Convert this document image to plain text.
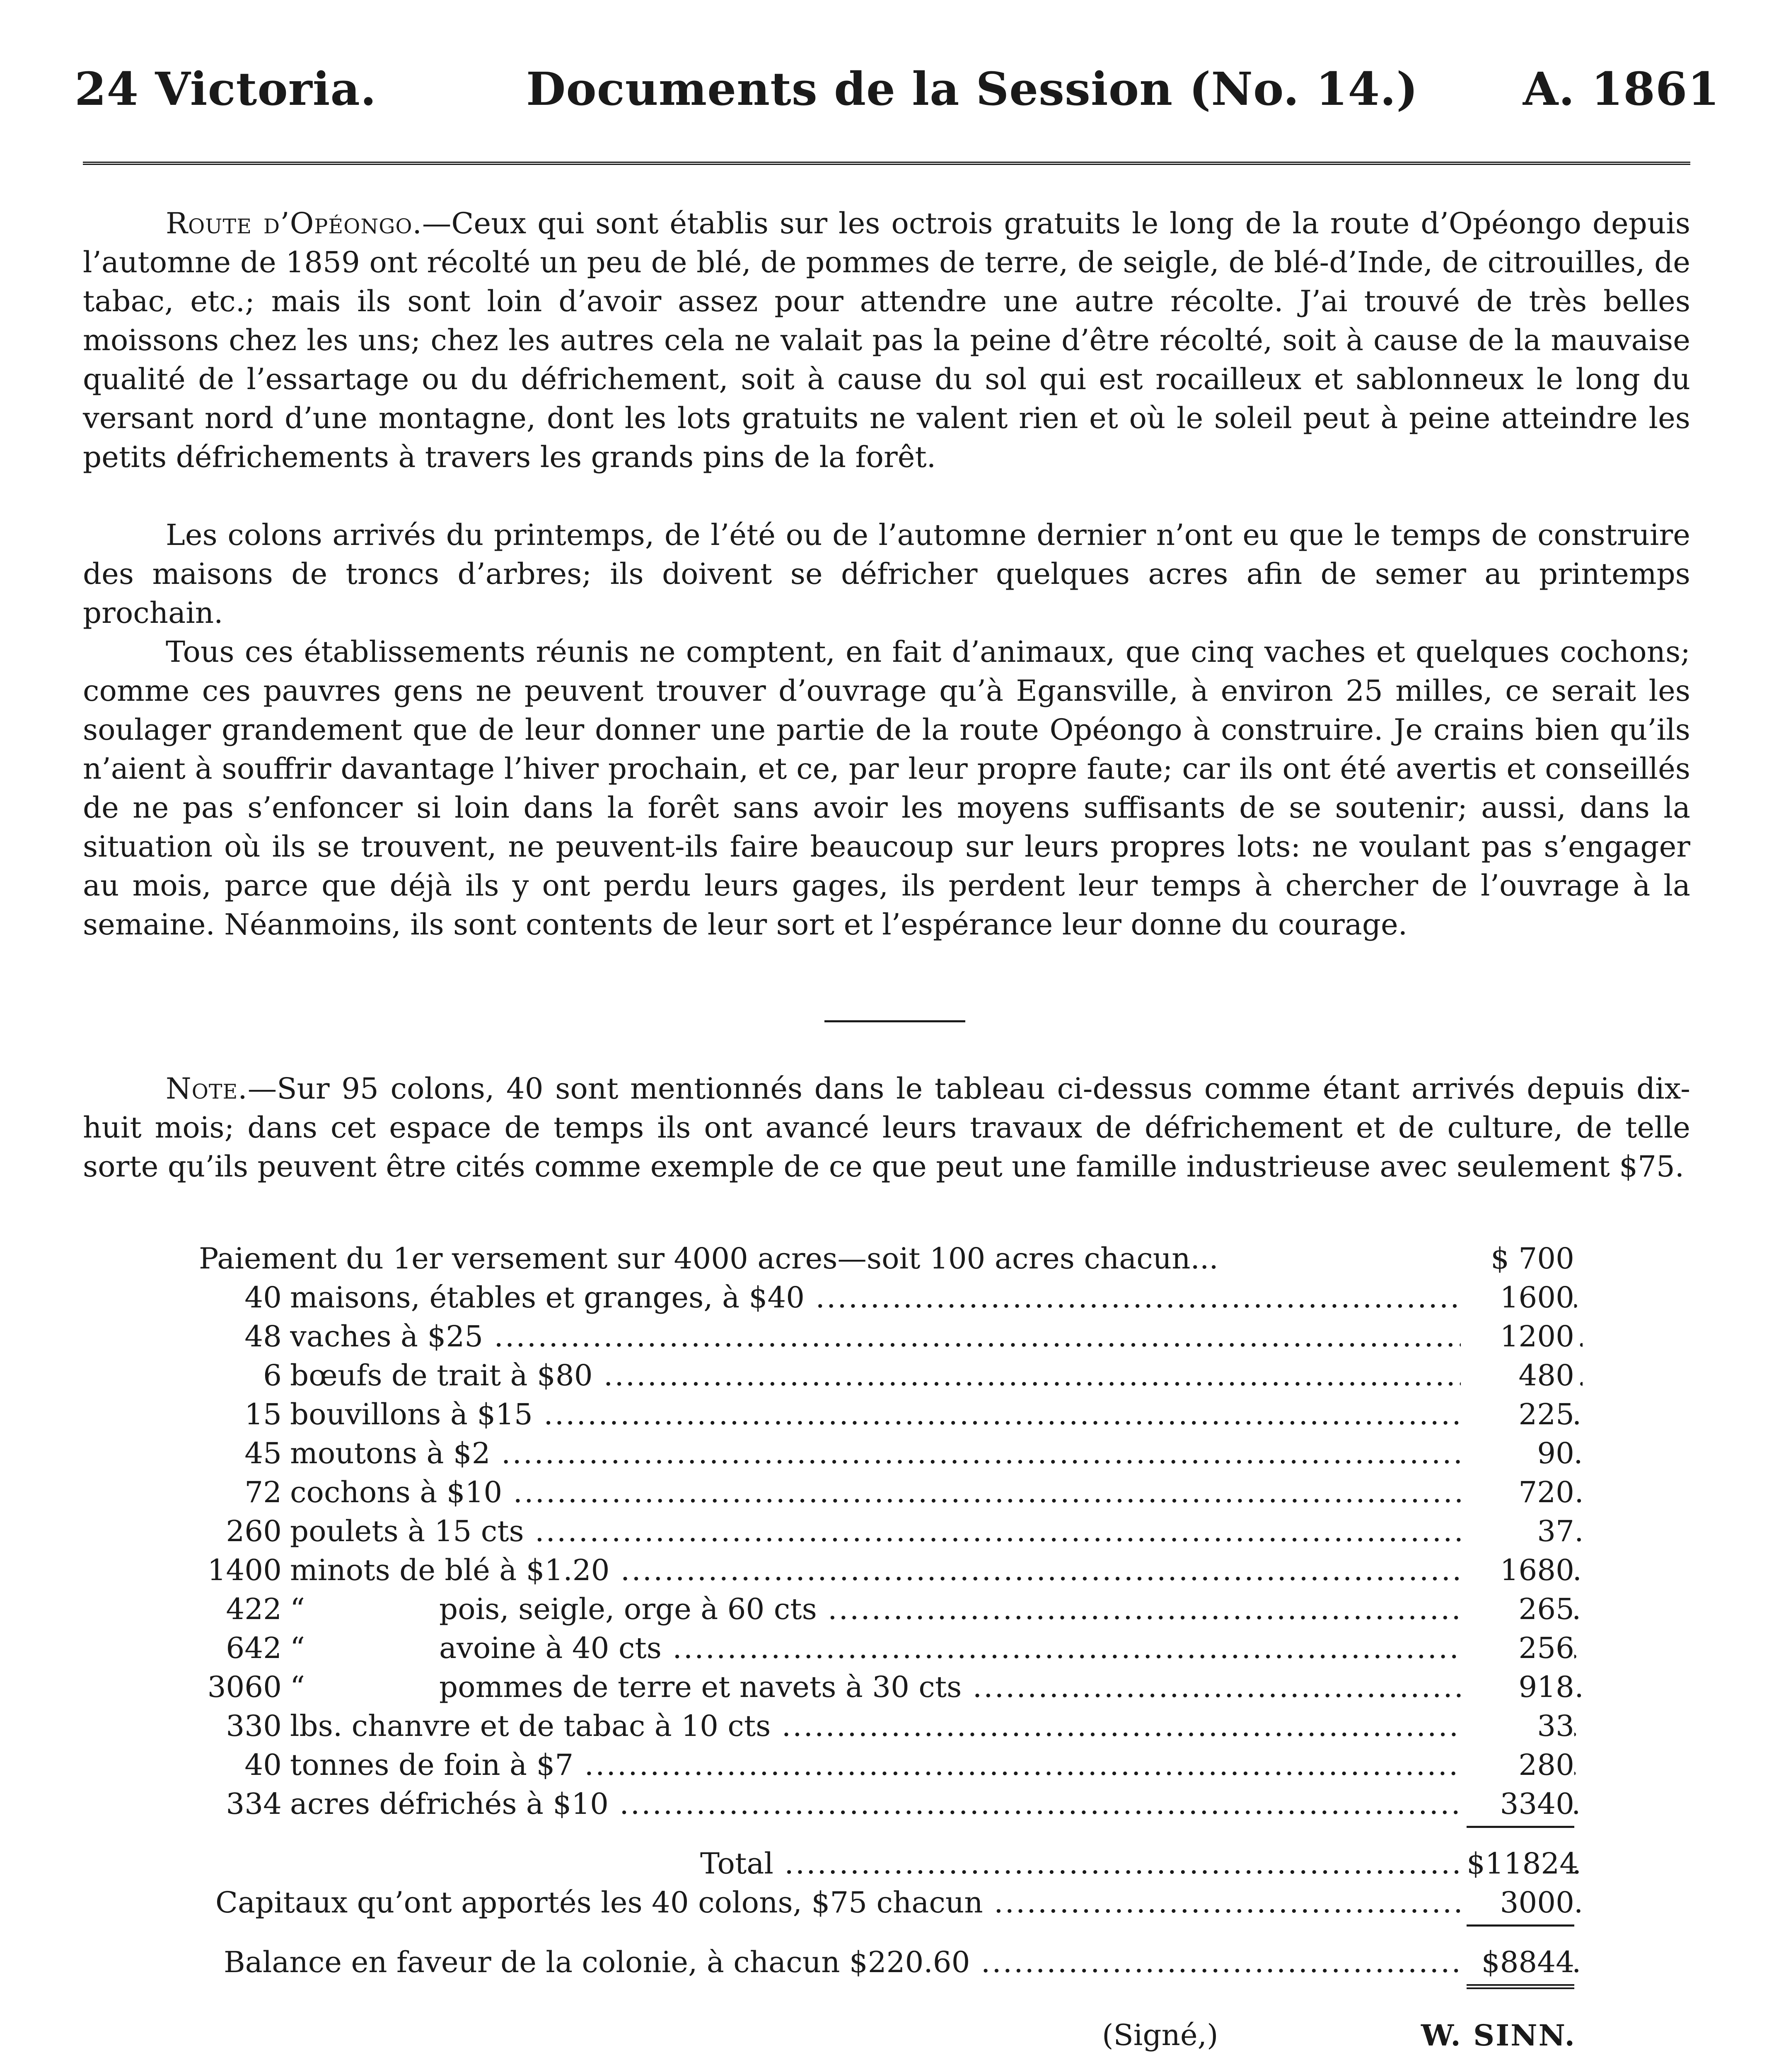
24 Victoria.	Documents de la Session (No. 14.) A. 1861
Route d’Opéongo.—Ceux qui sont établis sur les octrois gratuits le long de la route d’Opéongo depuis l’automne de 1859 ont récolté un peu de blé, de pommes de terre, de seigle, de blé-d’Inde, de citrouilles, de tabac, etc.; mais ils sont loin d’avoir assez pour attendre une autre récolte. J’ai trouvé de très belles moissons chez les uns; chez les autres cela ne valait pas la peine d’être récolté, soit à cause de la mauvaise qualité de l’essartage ou du défrichement, soit à cause du sol qui est rocailleux et sablonneux le long du versant nord d’une montagne, dont les lots gratuits ne valent rien et où le soleil peut à peine atteindre les petits défrichements à travers les grands pins de la forêt.
Les colons arrivés du printemps, de l’été ou de l’automne dernier n’ont eu que le temps de construire des maisons de troncs d’arbres; ils doivent se défricher quelques acres afin de semer au printemps prochain.
Tous ces établissements réunis ne comptent, en fait d’animaux, que cinq vaches et quelques cochons; comme ces pauvres gens ne peuvent trouver d’ouvrage qu’à Egansville, à environ 25 milles, ce serait les soulager grandement que de leur donner une partie de la route Opéongo à construire. Je crains bien qu’ils n’aient à souffrir davantage l’hiver prochain, et ce, par leur propre faute; car ils ont été avertis et conseillés de ne pas s’enfoncer si loin dans la forêt sans avoir les moyens suffisants de se soutenir; aussi, dans la situation où ils se trouvent, ne peuvent-ils faire beaucoup sur leurs propres lots: ne voulant pas s’engager au mois, parce que déjà ils y ont perdu leurs gages, ils perdent leur temps à chercher de l’ouvrage à la semaine. Néanmoins, ils sont contents de leur sort et l’espérance leur donne du courage.
Note.—Sur 95 colons, 40 sont mentionnés dans le tableau ci-dessus comme étant arrivés depuis dix-huit mois; dans cet espace de temps ils ont avancé leurs travaux de défrichement et de culture, de telle sorte qu’ils peuvent être cités comme exemple de ce que peut une famille industrieuse avec seulement $75.
Paiement du 1er versement sur 4000 acres—soit 100 acres chacun...	$ 700
40 maisons, étables et granges, à $40 .....	1600
48 vaches à $25 .....	1200
6 bœufs de trait à $80 .....	480
15 bouvillons à $15 .....	225
45 moutons à $2 .....	90
72 cochons à $10 .....	720
260 poulets à 15 cts .....	37
1400 minots de blé à $1.20 .....	1680
422 “	pois, seigle, orge à 60 cts .....	265
642 “	avoine à 40 cts .....	256
3060 “	pommes de terre et navets à 30 cts .....	918
330 lbs. chanvre et de tabac à 10 cts .....	33
40 tonnes de foin à $7 .....	280
334 acres défrichés à $10 .....	3340
Total .....	$11824
Capitaux qu’ont apportés les 40 colons, $75 chacun .....	3000
Balance en faveur de la colonie, à chacun $220.60 .....	$8844
(Signé,)	W. SINN.
